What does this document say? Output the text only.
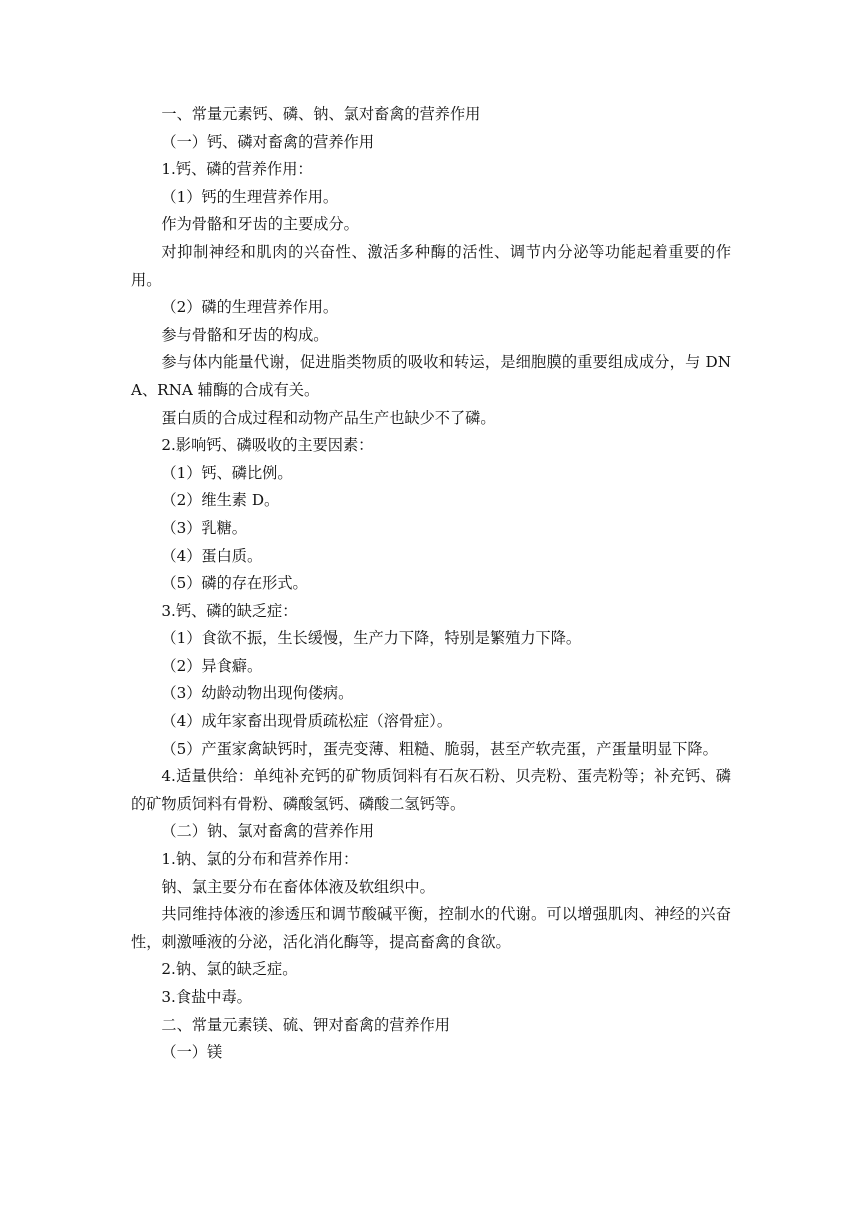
一、常量元素钙、磷、钠、氯对畜禽的营养作用

（一）钙、磷对畜禽的营养作用

1.钙、磷的营养作用：

（1）钙的生理营养作用。

作为骨骼和牙齿的主要成分。

对抑制神经和肌肉的兴奋性、激活多种酶的活性、调节内分泌等功能起着重要的作用。

（2）磷的生理营养作用。

参与骨骼和牙齿的构成。

参与体内能量代谢，促进脂类物质的吸收和转运，是细胞膜的重要组成成分，与 DNA、RNA 辅酶的合成有关。

蛋白质的合成过程和动物产品生产也缺少不了磷。

2.影响钙、磷吸收的主要因素：

（1）钙、磷比例。

（2）维生素 D。

（3）乳糖。

（4）蛋白质。

（5）磷的存在形式。

3.钙、磷的缺乏症：

（1）食欲不振，生长缓慢，生产力下降，特别是繁殖力下降。

（2）异食癖。

（3）幼龄动物出现佝偻病。

（4）成年家畜出现骨质疏松症（溶骨症）。

（5）产蛋家禽缺钙时，蛋壳变薄、粗糙、脆弱，甚至产软壳蛋，产蛋量明显下降。

4.适量供给：单纯补充钙的矿物质饲料有石灰石粉、贝壳粉、蛋壳粉等；补充钙、磷的矿物质饲料有骨粉、磷酸氢钙、磷酸二氢钙等。

（二）钠、氯对畜禽的营养作用

1.钠、氯的分布和营养作用：

钠、氯主要分布在畜体体液及软组织中。

共同维持体液的渗透压和调节酸碱平衡，控制水的代谢。可以增强肌肉、神经的兴奋性，刺激唾液的分泌，活化消化酶等，提高畜禽的食欲。

2.钠、氯的缺乏症。

3.食盐中毒。

二、常量元素镁、硫、钾对畜禽的营养作用

（一）镁
